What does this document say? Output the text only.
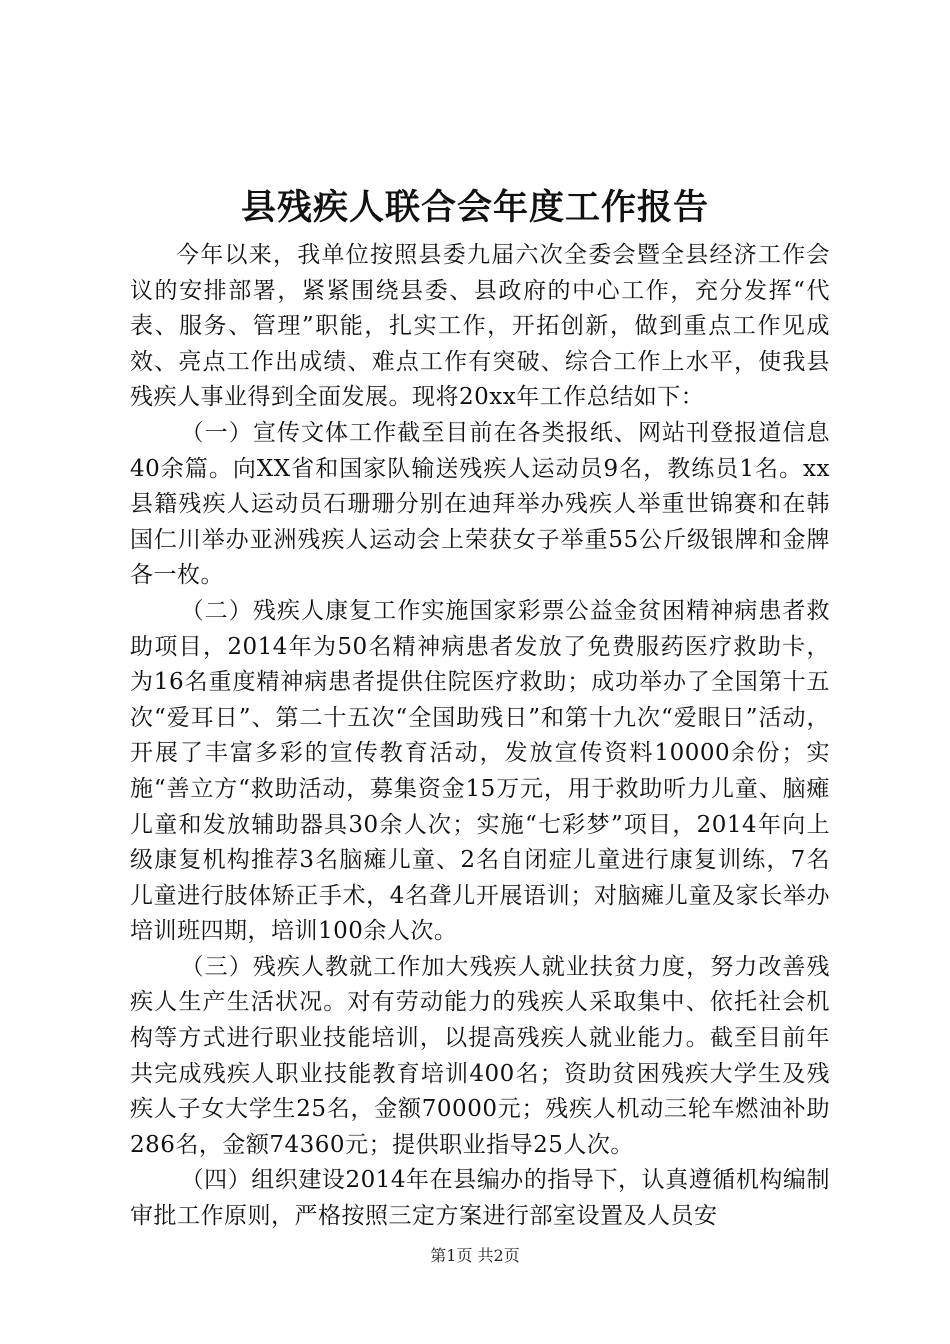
县残疾人联合会年度工作报告

今年以来，我单位按照县委九届六次全委会暨全县经济工作会议的安排部署，紧紧围绕县委、县政府的中心工作，充分发挥“代表、服务、管理”职能，扎实工作，开拓创新，做到重点工作见成效、亮点工作出成绩、难点工作有突破、综合工作上水平，使我县残疾人事业得到全面发展。现将20xx年工作总结如下：

（一）宣传文体工作截至目前在各类报纸、网站刊登报道信息40余篇。向XX省和国家队输送残疾人运动员9名，教练员1名。xx县籍残疾人运动员石珊珊分别在迪拜举办残疾人举重世锦赛和在韩国仁川举办亚洲残疾人运动会上荣获女子举重55公斤级银牌和金牌各一枚。

（二）残疾人康复工作实施国家彩票公益金贫困精神病患者救助项目，2014年为50名精神病患者发放了免费服药医疗救助卡，为16名重度精神病患者提供住院医疗救助；成功举办了全国第十五次“爱耳日”、第二十五次“全国助残日”和第十九次“爱眼日”活动，开展了丰富多彩的宣传教育活动，发放宣传资料10000余份；实施“善立方“救助活动，募集资金15万元，用于救助听力儿童、脑瘫儿童和发放辅助器具30余人次；实施“七彩梦”项目，2014年向上级康复机构推荐3名脑瘫儿童、2名自闭症儿童进行康复训练，7名儿童进行肢体矫正手术，4名聋儿开展语训；对脑瘫儿童及家长举办培训班四期，培训100余人次。

（三）残疾人教就工作加大残疾人就业扶贫力度，努力改善残疾人生产生活状况。对有劳动能力的残疾人采取集中、依托社会机构等方式进行职业技能培训，以提高残疾人就业能力。截至目前年共完成残疾人职业技能教育培训400名；资助贫困残疾大学生及残疾人子女大学生25名，金额70000元；残疾人机动三轮车燃油补助286名，金额74360元；提供职业指导25人次。

（四）组织建设2014年在县编办的指导下，认真遵循机构编制审批工作原则，严格按照三定方案进行部室设置及人员安

第1页 共2页
